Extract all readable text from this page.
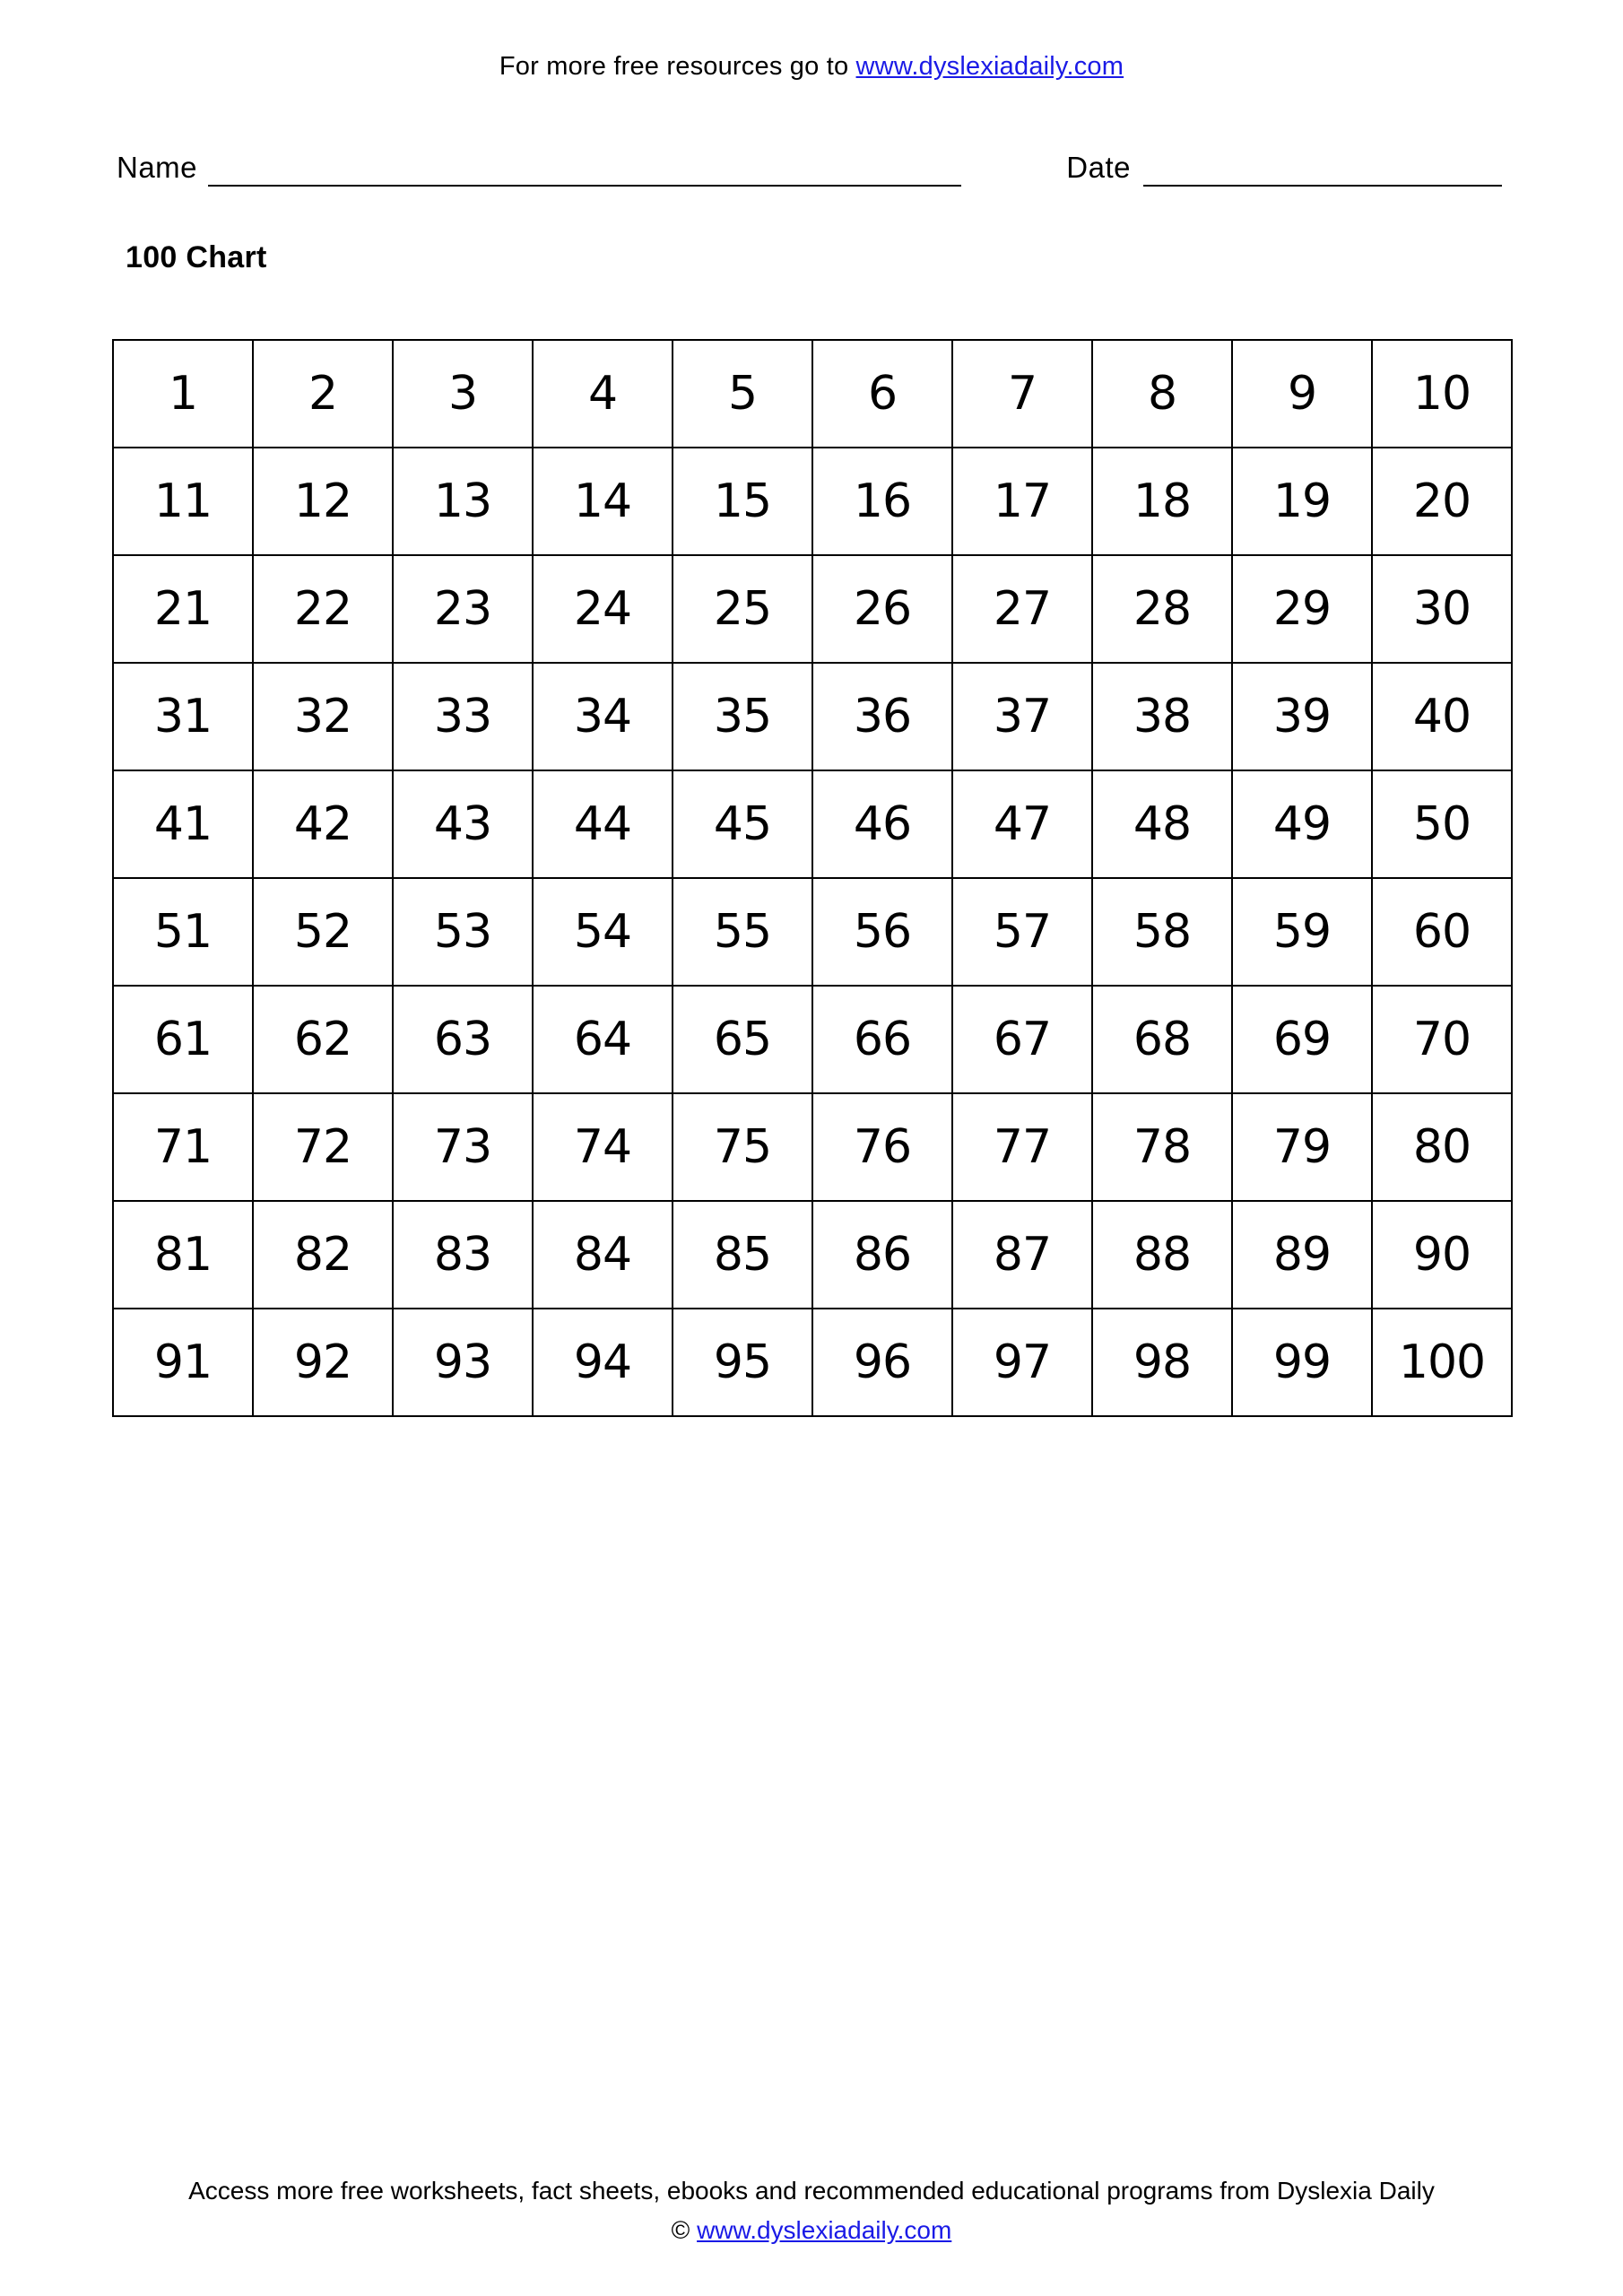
For more free resources go to www.dyslexiadaily.com
Name	Date
100 Chart
1	2	3	4	5	6	7	8	9	10
11	12	13	14	15	16	17	18	19	20
21	22	23	24	25	26	27	28	29	30
31	32	33	34	35	36	37	38	39	40
41	42	43	44	45	46	47	48	49	50
51	52	53	54	55	56	57	58	59	60
61	62	63	64	65	66	67	68	69	70
71	72	73	74	75	76	77	78	79	80
81	82	83	84	85	86	87	88	89	90
91	92	93	94	95	96	97	98	99	100
Access more free worksheets, fact sheets, ebooks and recommended educational programs from Dyslexia Daily
© www.dyslexiadaily.com
